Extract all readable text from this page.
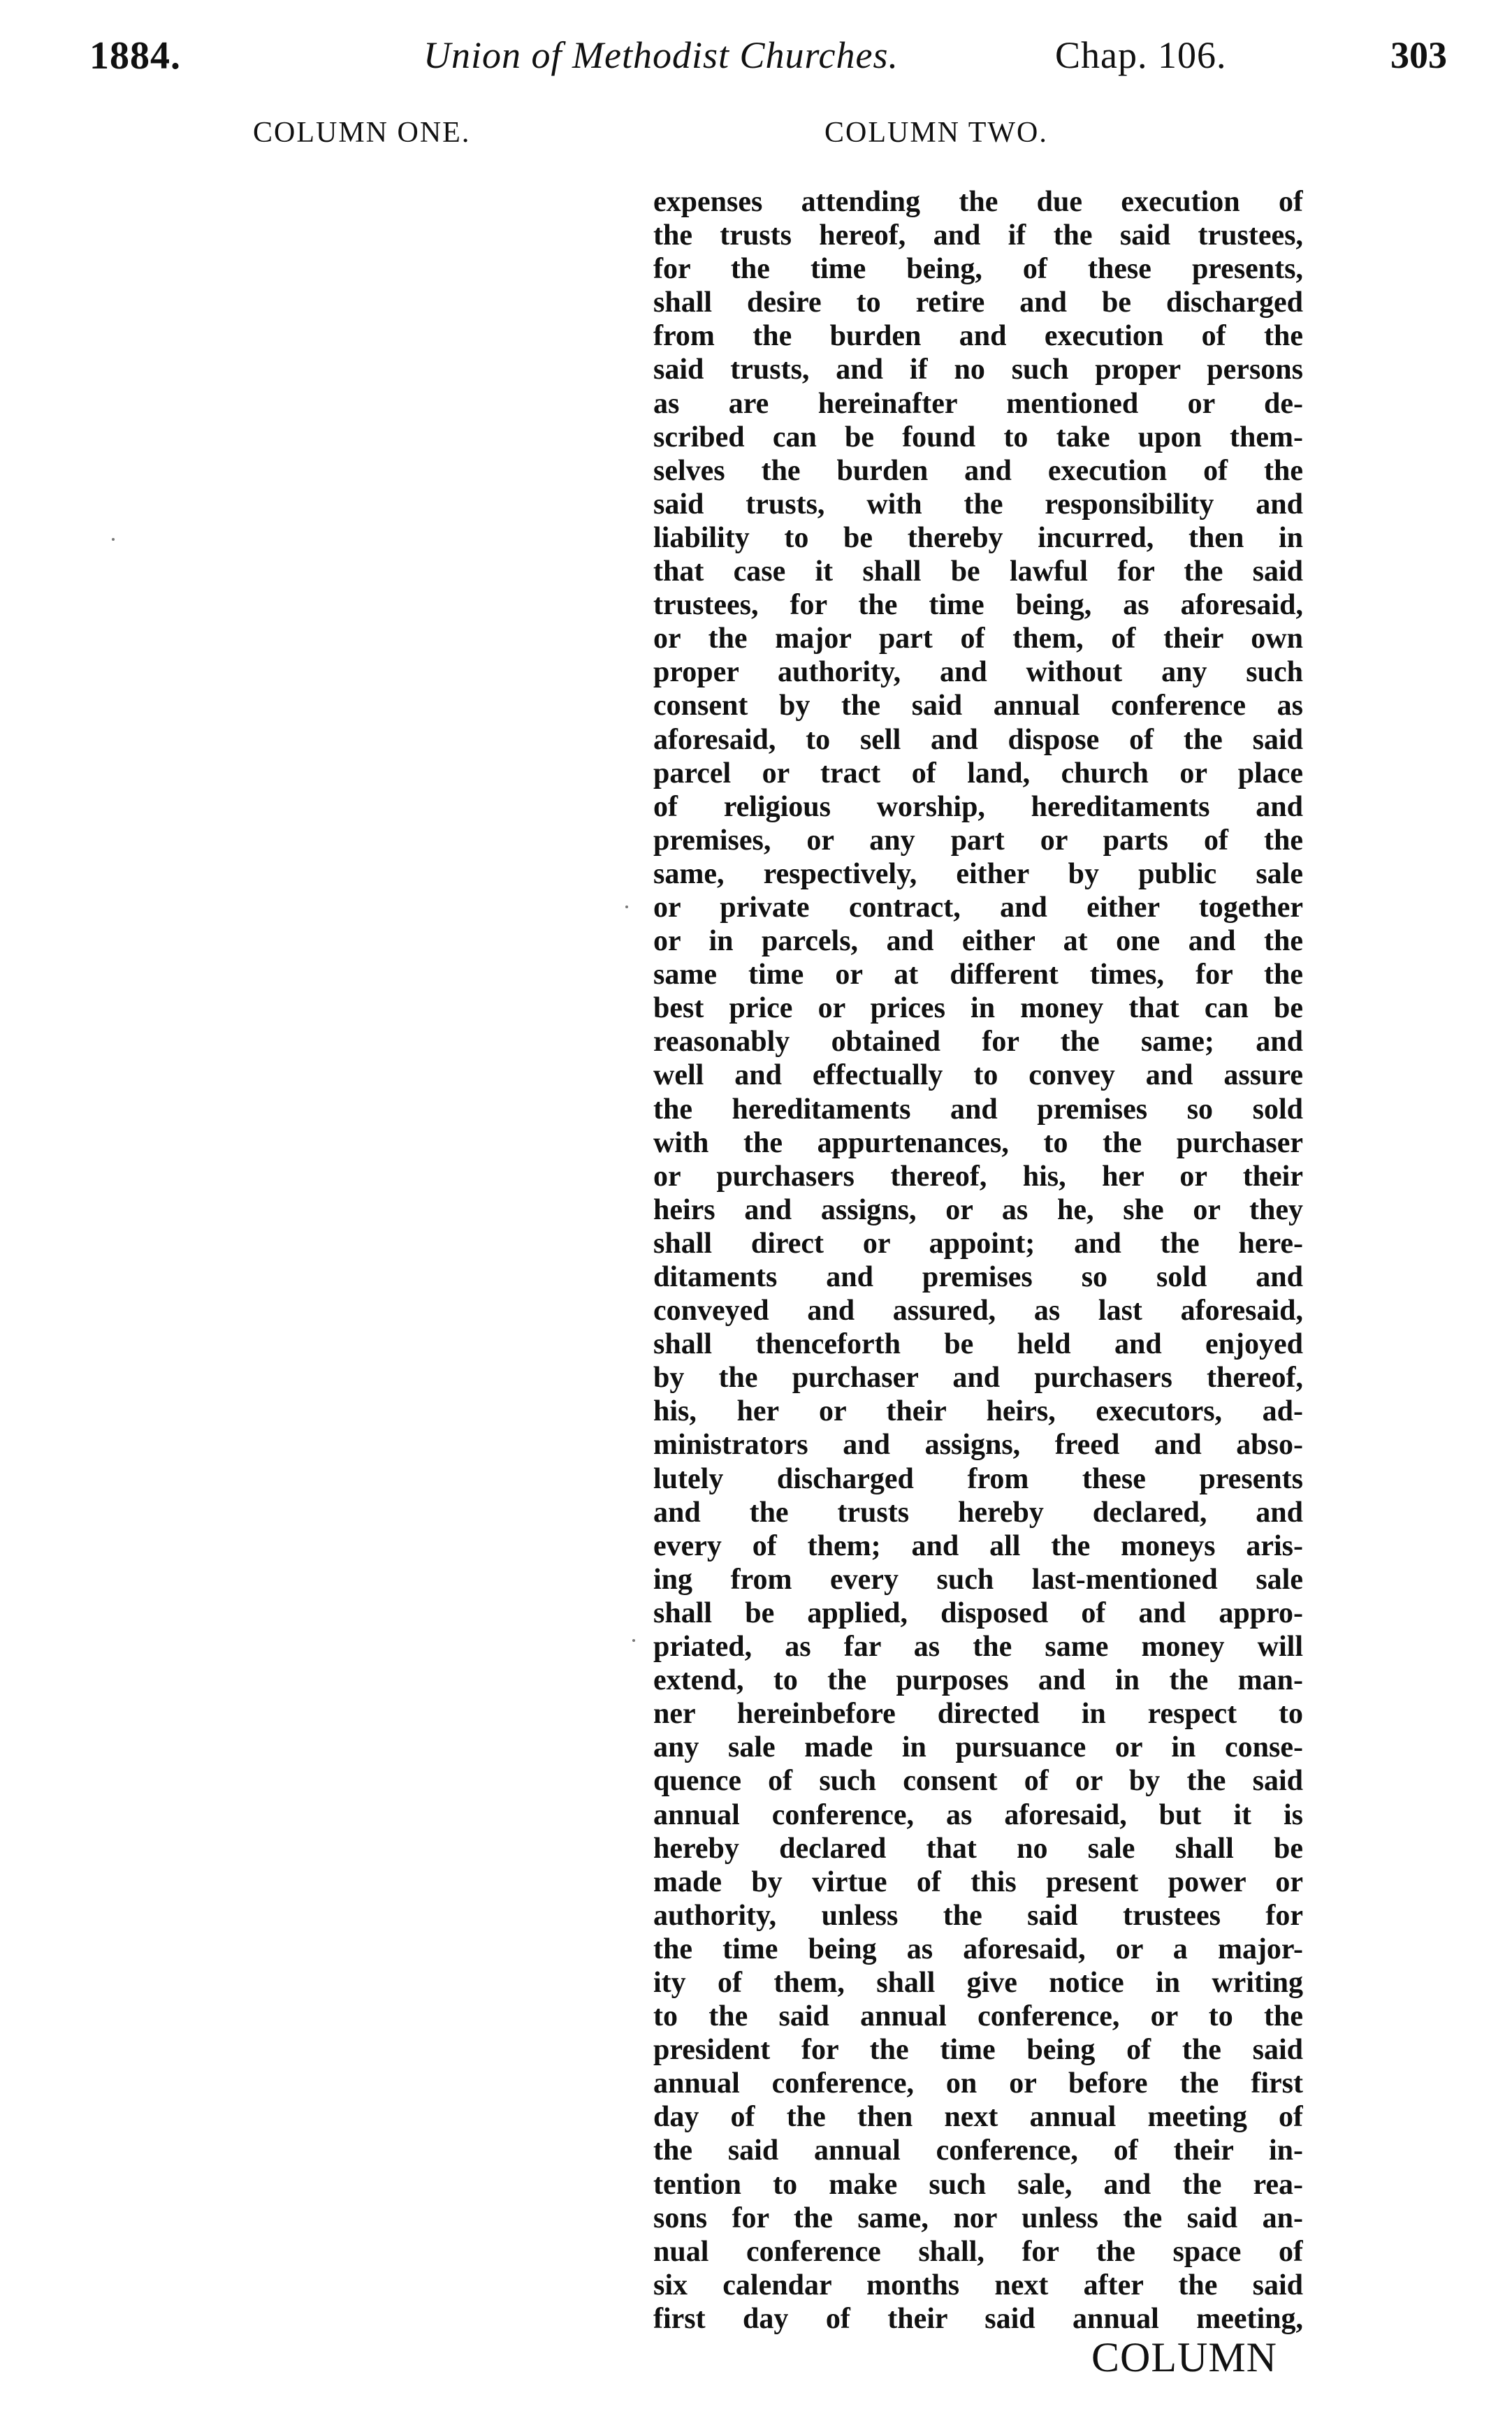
1884.	Union of Methodist Churches.	Chap. 106.	303
COLUMN ONE.	COLUMN TWO.
expenses attending the due execution of
the trusts hereof, and if the said trustees,
for the time being, of these presents,
shall desire to retire and be discharged
from the burden and execution of the
said trusts, and if no such proper persons
as are hereinafter mentioned or de-
scribed can be found to take upon them-
selves the burden and execution of the
said trusts, with the responsibility and
liability to be thereby incurred, then in
that case it shall be lawful for the said
trustees, for the time being, as aforesaid,
or the major part of them, of their own
proper authority, and without any such
consent by the said annual conference as
aforesaid, to sell and dispose of the said
parcel or tract of land, church or place
of religious worship, hereditaments and
premises, or any part or parts of the
same, respectively, either by public sale
or private contract, and either together
or in parcels, and either at one and the
same time or at different times, for the
best price or prices in money that can be
reasonably obtained for the same; and
well and effectually to convey and assure
the hereditaments and premises so sold
with the appurtenances, to the purchaser
or purchasers thereof, his, her or their
heirs and assigns, or as he, she or they
shall direct or appoint; and the here-
ditaments and premises so sold and
conveyed and assured, as last aforesaid,
shall thenceforth be held and enjoyed
by the purchaser and purchasers thereof,
his, her or their heirs, executors, ad-
ministrators and assigns, freed and abso-
lutely discharged from these presents
and the trusts hereby declared, and
every of them; and all the moneys aris-
ing from every such last-mentioned sale
shall be applied, disposed of and appro-
priated, as far as the same money will
extend, to the purposes and in the man-
ner hereinbefore directed in respect to
any sale made in pursuance or in conse-
quence of such consent of or by the said
annual conference, as aforesaid, but it is
hereby declared that no sale shall be
made by virtue of this present power or
authority, unless the said trustees for
the time being as aforesaid, or a major-
ity of them, shall give notice in writing
to the said annual conference, or to the
president for the time being of the said
annual conference, on or before the first
day of the then next annual meeting of
the said annual conference, of their in-
tention to make such sale, and the rea-
sons for the same, nor unless the said an-
nual conference shall, for the space of
six calendar months next after the said
first day of their said annual meeting,
COLUMN
